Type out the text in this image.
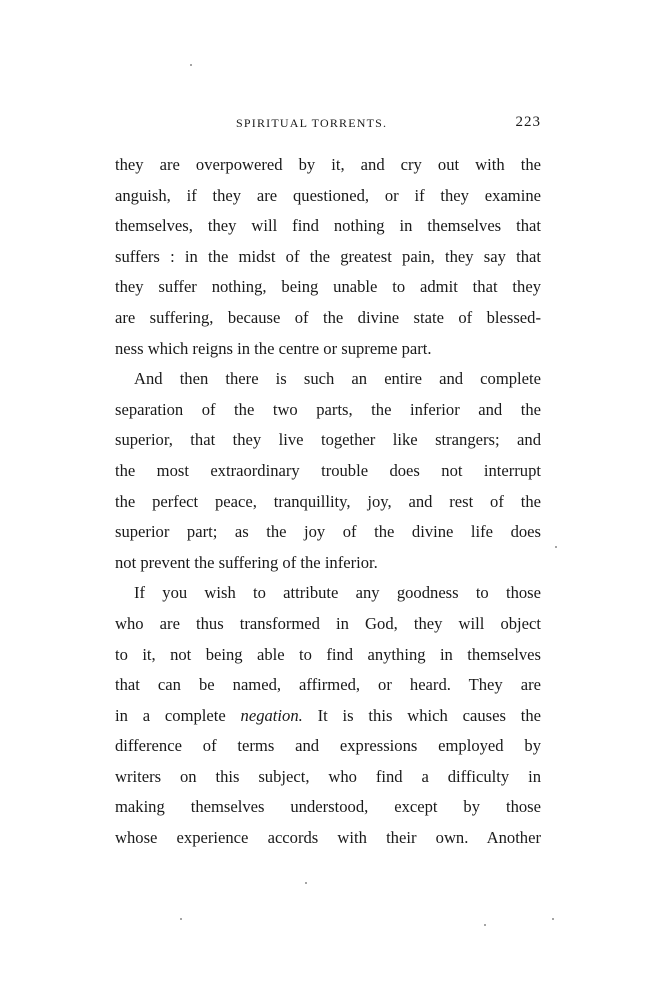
SPIRITUAL TORRENTS.	223
they are overpowered by it, and cry out with the
anguish, if they are questioned, or if they examine
themselves, they will find nothing in themselves that
suffers : in the midst of the greatest pain, they say that
they suffer nothing, being unable to admit that they
are suffering, because of the divine state of blessed-
ness which reigns in the centre or supreme part.
And then there is such an entire and complete
separation of the two parts, the inferior and the
superior, that they live together like strangers; and
the most extraordinary trouble does not interrupt
the perfect peace, tranquillity, joy, and rest of the
superior part; as the joy of the divine life does
not prevent the suffering of the inferior.
If you wish to attribute any goodness to those
who are thus transformed in God, they will object
to it, not being able to find anything in themselves
that can be named, affirmed, or heard. They are
in a complete negation. It is this which causes the
difference of terms and expressions employed by
writers on this subject, who find a difficulty in
making themselves understood, except by those
whose experience accords with their own. Another
